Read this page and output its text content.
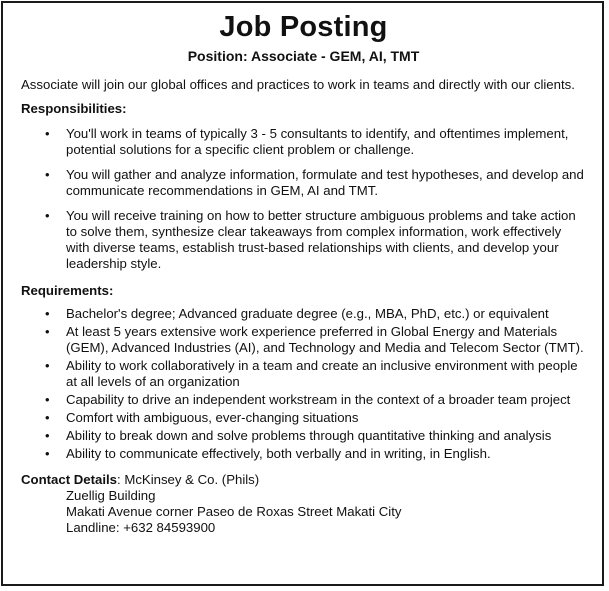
Job Posting
Position: Associate - GEM, AI, TMT

Associate will join our global offices and practices to work in teams and directly with our clients.

Responsibilities:
• You'll work in teams of typically 3 - 5 consultants to identify, and oftentimes implement, potential solutions for a specific client problem or challenge.
• You will gather and analyze information, formulate and test hypotheses, and develop and communicate recommendations in GEM, AI and TMT.
• You will receive training on how to better structure ambiguous problems and take action to solve them, synthesize clear takeaways from complex information, work effectively with diverse teams, establish trust-based relationships with clients, and develop your leadership style.
Requirements:
• Bachelor's degree; Advanced graduate degree (e.g., MBA, PhD, etc.) or equivalent
• At least 5 years extensive work experience preferred in Global Energy and Materials (GEM), Advanced Industries (AI), and Technology and Media and Telecom Sector (TMT).
• Ability to work collaboratively in a team and create an inclusive environment with people at all levels of an organization
• Capability to drive an independent workstream in the context of a broader team project
• Comfort with ambiguous, ever-changing situations
• Ability to break down and solve problems through quantitative thinking and analysis
• Ability to communicate effectively, both verbally and in writing, in English.
Contact Details: McKinsey & Co. (Phils)
Zuellig Building
Makati Avenue corner Paseo de Roxas Street Makati City
Landline: +632 84593900
